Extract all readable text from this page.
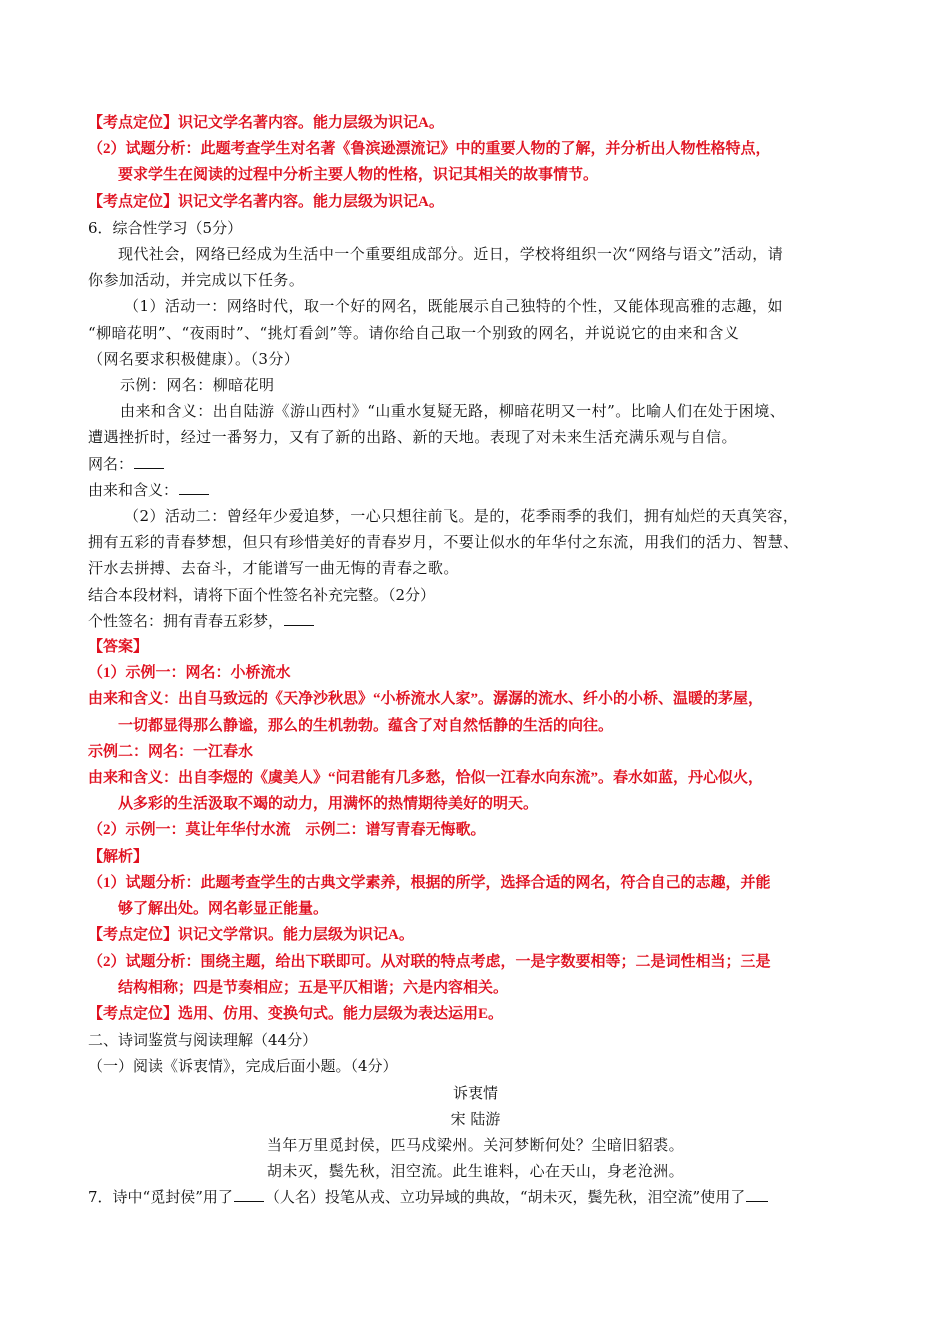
【考点定位】识记文学名著内容。能力层级为识记A。
（2）试题分析：此题考查学生对名著《鲁滨逊漂流记》中的重要人物的了解，并分析出人物性格特点，
要求学生在阅读的过程中分析主要人物的性格，识记其相关的故事情节。
【考点定位】识记文学名著内容。能力层级为识记A。
6．综合性学习（5分）
现代社会，网络已经成为生活中一个重要组成部分。近日，学校将组织一次“网络与语文”活动，请
你参加活动，并完成以下任务。
（1）活动一：网络时代，取一个好的网名，既能展示自己独特的个性，又能体现高雅的志趣，如
“柳暗花明”、“夜雨时”、“挑灯看剑”等。请你给自己取一个别致的网名，并说说它的由来和含义
（网名要求积极健康）。（3分）
示例：网名：柳暗花明
由来和含义：出自陆游《游山西村》“山重水复疑无路，柳暗花明又一村”。比喻人们在处于困境、
遭遇挫折时，经过一番努力，又有了新的出路、新的天地。表现了对未来生活充满乐观与自信。
网名：
由来和含义：
（2）活动二：曾经年少爱追梦，一心只想往前飞。是的，花季雨季的我们，拥有灿烂的天真笑容，
拥有五彩的青春梦想，但只有珍惜美好的青春岁月，不要让似水的年华付之东流，用我们的活力、智慧、
汗水去拼搏、去奋斗，才能谱写一曲无悔的青春之歌。
结合本段材料，请将下面个性签名补充完整。（2分）
个性签名：拥有青春五彩梦，
【答案】
（1）示例一：网名：小桥流水
由来和含义：出自马致远的《天净沙秋思》“小桥流水人家”。潺潺的流水、纤小的小桥、温暖的茅屋，
一切都显得那么静谧，那么的生机勃勃。蕴含了对自然恬静的生活的向往。
示例二：网名：一江春水
由来和含义：出自李煜的《虞美人》“问君能有几多愁，恰似一江春水向东流”。春水如蓝，丹心似火，
从多彩的生活汲取不竭的动力，用满怀的热情期待美好的明天。
（2）示例一：莫让年华付水流　示例二：谱写青春无悔歌。
【解析】
（1）试题分析：此题考查学生的古典文学素养，根据的所学，选择合适的网名，符合自己的志趣，并能
够了解出处。网名彰显正能量。
【考点定位】识记文学常识。能力层级为识记A。
（2）试题分析：围绕主题，给出下联即可。从对联的特点考虑，一是字数要相等；二是词性相当；三是
结构相称；四是节奏相应；五是平仄相谐；六是内容相关。
【考点定位】选用、仿用、变换句式。能力层级为表达运用E。
二、诗词鉴赏与阅读理解（44分）
（一）阅读《诉衷情》，完成后面小题。（4分）
诉衷情
宋 陆游
当年万里觅封侯，匹马戍梁州。关河梦断何处？尘暗旧貂裘。
胡未灭，鬓先秋，泪空流。此生谁料，心在天山，身老沧洲。
7．诗中“觅封侯”用了 （人名）投笔从戎、立功异域的典故，“胡未灭，鬓先秋，泪空流”使用了
